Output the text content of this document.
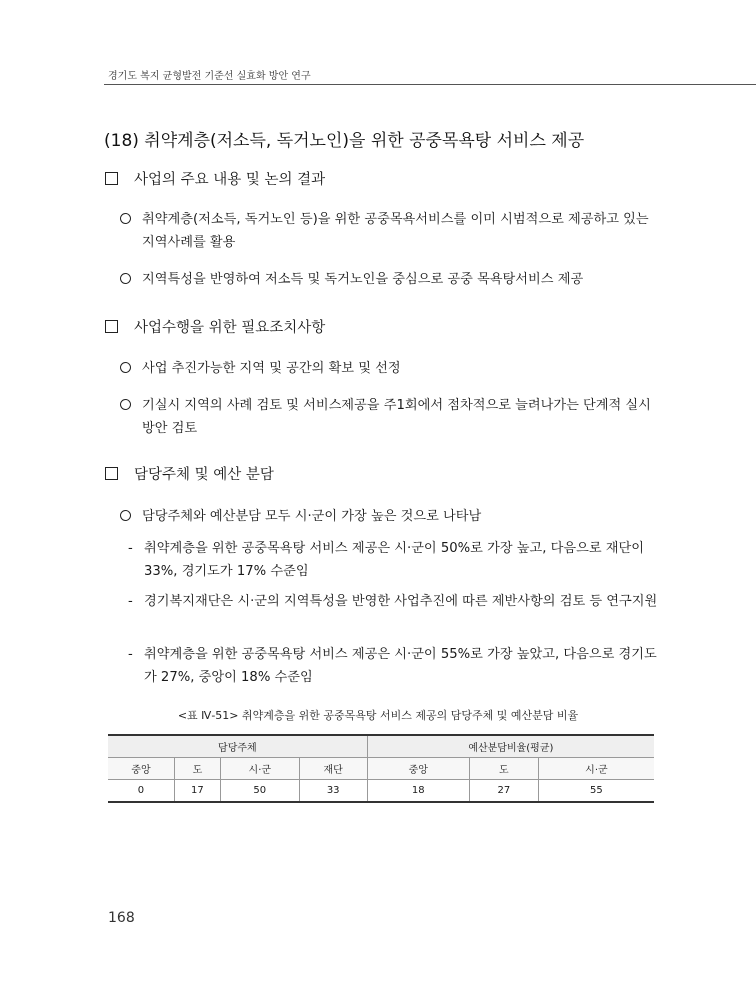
경기도 복지 균형발전 기준선 실효화 방안 연구
(18) 취약계층(저소득, 독거노인)을 위한 공중목욕탕 서비스 제공
사업의 주요 내용 및 논의 결과
취약계층(저소득, 독거노인 등)을 위한 공중목욕서비스를 이미 시범적으로 제공하고 있는 지역사례를 활용
지역특성을 반영하여 저소득 및 독거노인을 중심으로 공중 목욕탕서비스 제공
사업수행을 위한 필요조치사항
사업 추진가능한 지역 및 공간의 확보 및 선정
기실시 지역의 사례 검토 및 서비스제공을 주1회에서 점차적으로 늘려나가는 단계적 실시방안 검토
담당주체 및 예산 분담
담당주체와 예산분담 모두 시·군이 가장 높은 것으로 나타남
- 취약계층을 위한 공중목욕탕 서비스 제공은 시·군이 50%로 가장 높고, 다음으로 재단이 33%, 경기도가 17% 수준임
- 경기복지재단은 시·군의 지역특성을 반영한 사업추진에 따른 제반사항의 검토 등 연구지원
- 취약계층을 위한 공중목욕탕 서비스 제공은 시·군이 55%로 가장 높았고, 다음으로 경기도가 27%, 중앙이 18% 수준임
<표 Ⅳ-51> 취약계층을 위한 공중목욕탕 서비스 제공의 담당주체 및 예산분담 비율
담당주체				예산분담비율(평균)		
중앙	도	시·군	재단	중앙	도	시·군
0	17	50	33	18	27	55
168
